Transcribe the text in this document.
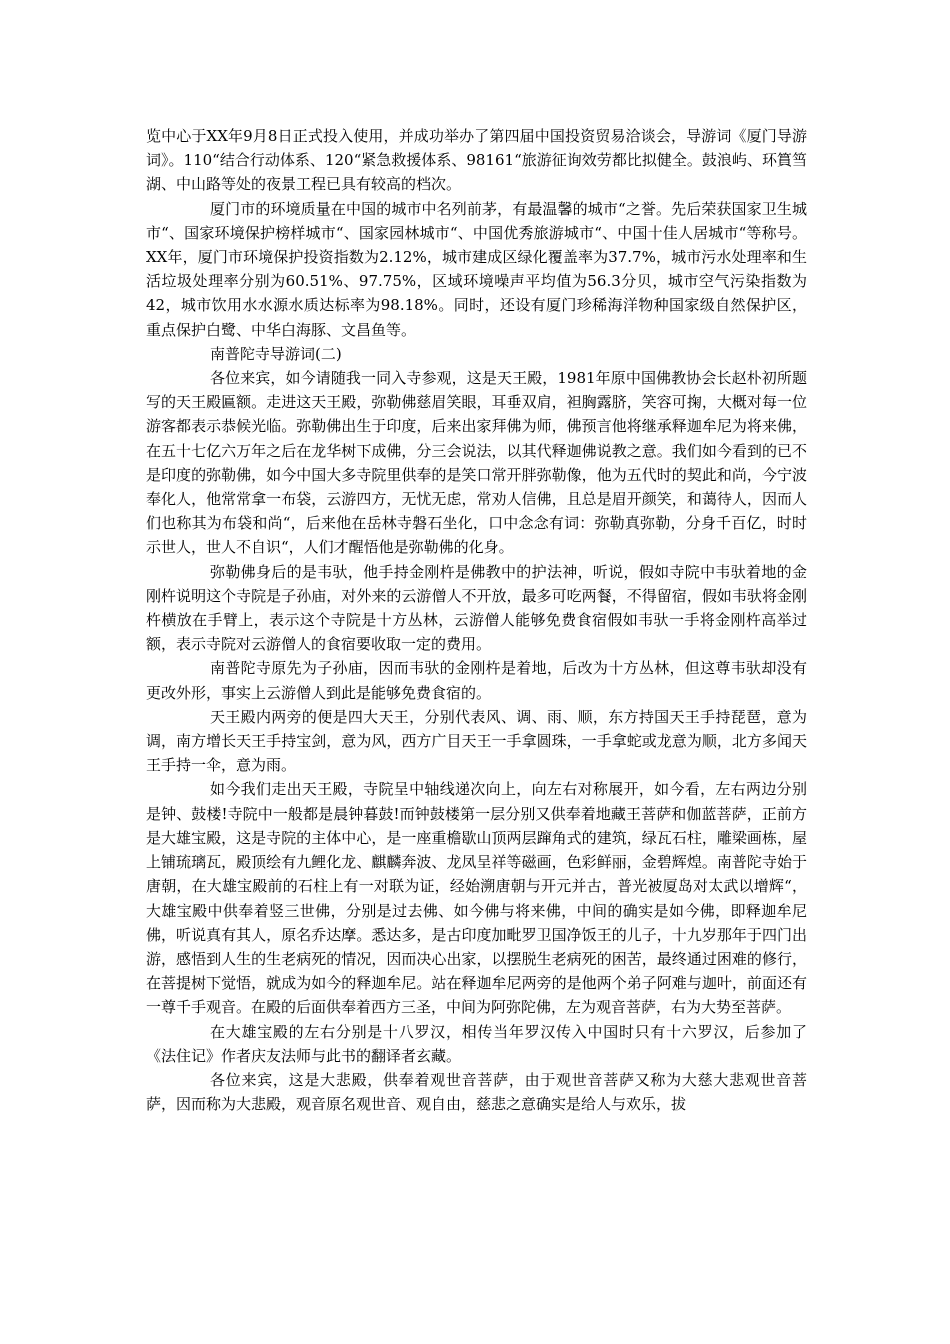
览中心于XX年9月8日正式投入使用，并成功举办了第四届中国投资贸易洽谈会，导游词《厦门导游词》。110“结合行动体系、120“紧急救援体系、98161“旅游征询效劳都比拟健全。鼓浪屿、环篔筜湖、中山路等处的夜景工程已具有较高的档次。

厦门市的环境质量在中国的城市中名列前茅，有最温馨的城市“之誉。先后荣获国家卫生城市“、国家环境保护榜样城市“、国家园林城市“、中国优秀旅游城市“、中国十佳人居城市“等称号。XX年，厦门市环境保护投资指数为2.12%，城市建成区绿化覆盖率为37.7%，城市污水处理率和生活垃圾处理率分别为60.51%、97.75%，区域环境噪声平均值为56.3分贝，城市空气污染指数为42，城市饮用水水源水质达标率为98.18%。同时，还设有厦门珍稀海洋物种国家级自然保护区，重点保护白鹭、中华白海豚、文昌鱼等。

南普陀寺导游词(二)

各位来宾，如今请随我一同入寺参观，这是天王殿，1981年原中国佛教协会长赵朴初所题写的天王殿匾额。走进这天王殿，弥勒佛慈眉笑眼，耳垂双肩，袒胸露脐，笑容可掬，大概对每一位游客都表示恭候光临。弥勒佛出生于印度，后来出家拜佛为师，佛预言他将继承释迦牟尼为将来佛，在五十七亿六万年之后在龙华树下成佛，分三会说法，以其代释迦佛说教之意。我们如今看到的已不是印度的弥勒佛，如今中国大多寺院里供奉的是笑口常开胖弥勒像，他为五代时的契此和尚，今宁波奉化人，他常常拿一布袋，云游四方，无忧无虑，常劝人信佛，且总是眉开颜笑，和蔼待人，因而人们也称其为布袋和尚“，后来他在岳林寺磐石坐化，口中念念有词：弥勒真弥勒，分身千百亿，时时示世人，世人不自识“，人们才醒悟他是弥勒佛的化身。

弥勒佛身后的是韦驮，他手持金刚杵是佛教中的护法神，听说，假如寺院中韦驮着地的金刚杵说明这个寺院是子孙庙，对外来的云游僧人不开放，最多可吃两餐，不得留宿，假如韦驮将金刚杵横放在手臂上，表示这个寺院是十方丛林，云游僧人能够免费食宿假如韦驮一手将金刚杵高举过额，表示寺院对云游僧人的食宿要收取一定的费用。

南普陀寺原先为子孙庙，因而韦驮的金刚杵是着地，后改为十方丛林，但这尊韦驮却没有更改外形，事实上云游僧人到此是能够免费食宿的。

天王殿内两旁的便是四大天王，分别代表风、调、雨、顺，东方持国天王手持琵琶，意为调，南方增长天王手持宝剑，意为风，西方广目天王一手拿圆珠，一手拿蛇或龙意为顺，北方多闻天王手持一伞，意为雨。

如今我们走出天王殿，寺院呈中轴线递次向上，向左右对称展开，如今看，左右两边分别是钟、鼓楼!寺院中一般都是晨钟暮鼓!而钟鼓楼第一层分别又供奉着地藏王菩萨和伽蓝菩萨，正前方是大雄宝殿，这是寺院的主体中心，是一座重檐歇山顶两层蹿角式的建筑，绿瓦石柱，雕梁画栋，屋上铺琉璃瓦，殿顶绘有九鲤化龙、麒麟奔波、龙凤呈祥等磁画，色彩鲜丽，金碧辉煌。南普陀寺始于唐朝，在大雄宝殿前的石柱上有一对联为证，经始溯唐朝与开元并古，普光被厦岛对太武以增辉“，大雄宝殿中供奉着竖三世佛，分别是过去佛、如今佛与将来佛，中间的确实是如今佛，即释迦牟尼佛，听说真有其人，原名乔达摩。悉达多，是古印度加毗罗卫国净饭王的儿子，十九岁那年于四门出游，感悟到人生的生老病死的情况，因而决心出家，以摆脱生老病死的困苦，最终通过困难的修行，在菩提树下觉悟，就成为如今的释迦牟尼。站在释迦牟尼两旁的是他两个弟子阿难与迦叶，前面还有一尊千手观音。在殿的后面供奉着西方三圣，中间为阿弥陀佛，左为观音菩萨，右为大势至菩萨。

在大雄宝殿的左右分别是十八罗汉，相传当年罗汉传入中国时只有十六罗汉，后参加了《法住记》作者庆友法师与此书的翻译者玄藏。

各位来宾，这是大悲殿，供奉着观世音菩萨，由于观世音菩萨又称为大慈大悲观世音菩萨，因而称为大悲殿，观音原名观世音、观自由，慈悲之意确实是给人与欢乐，拔
